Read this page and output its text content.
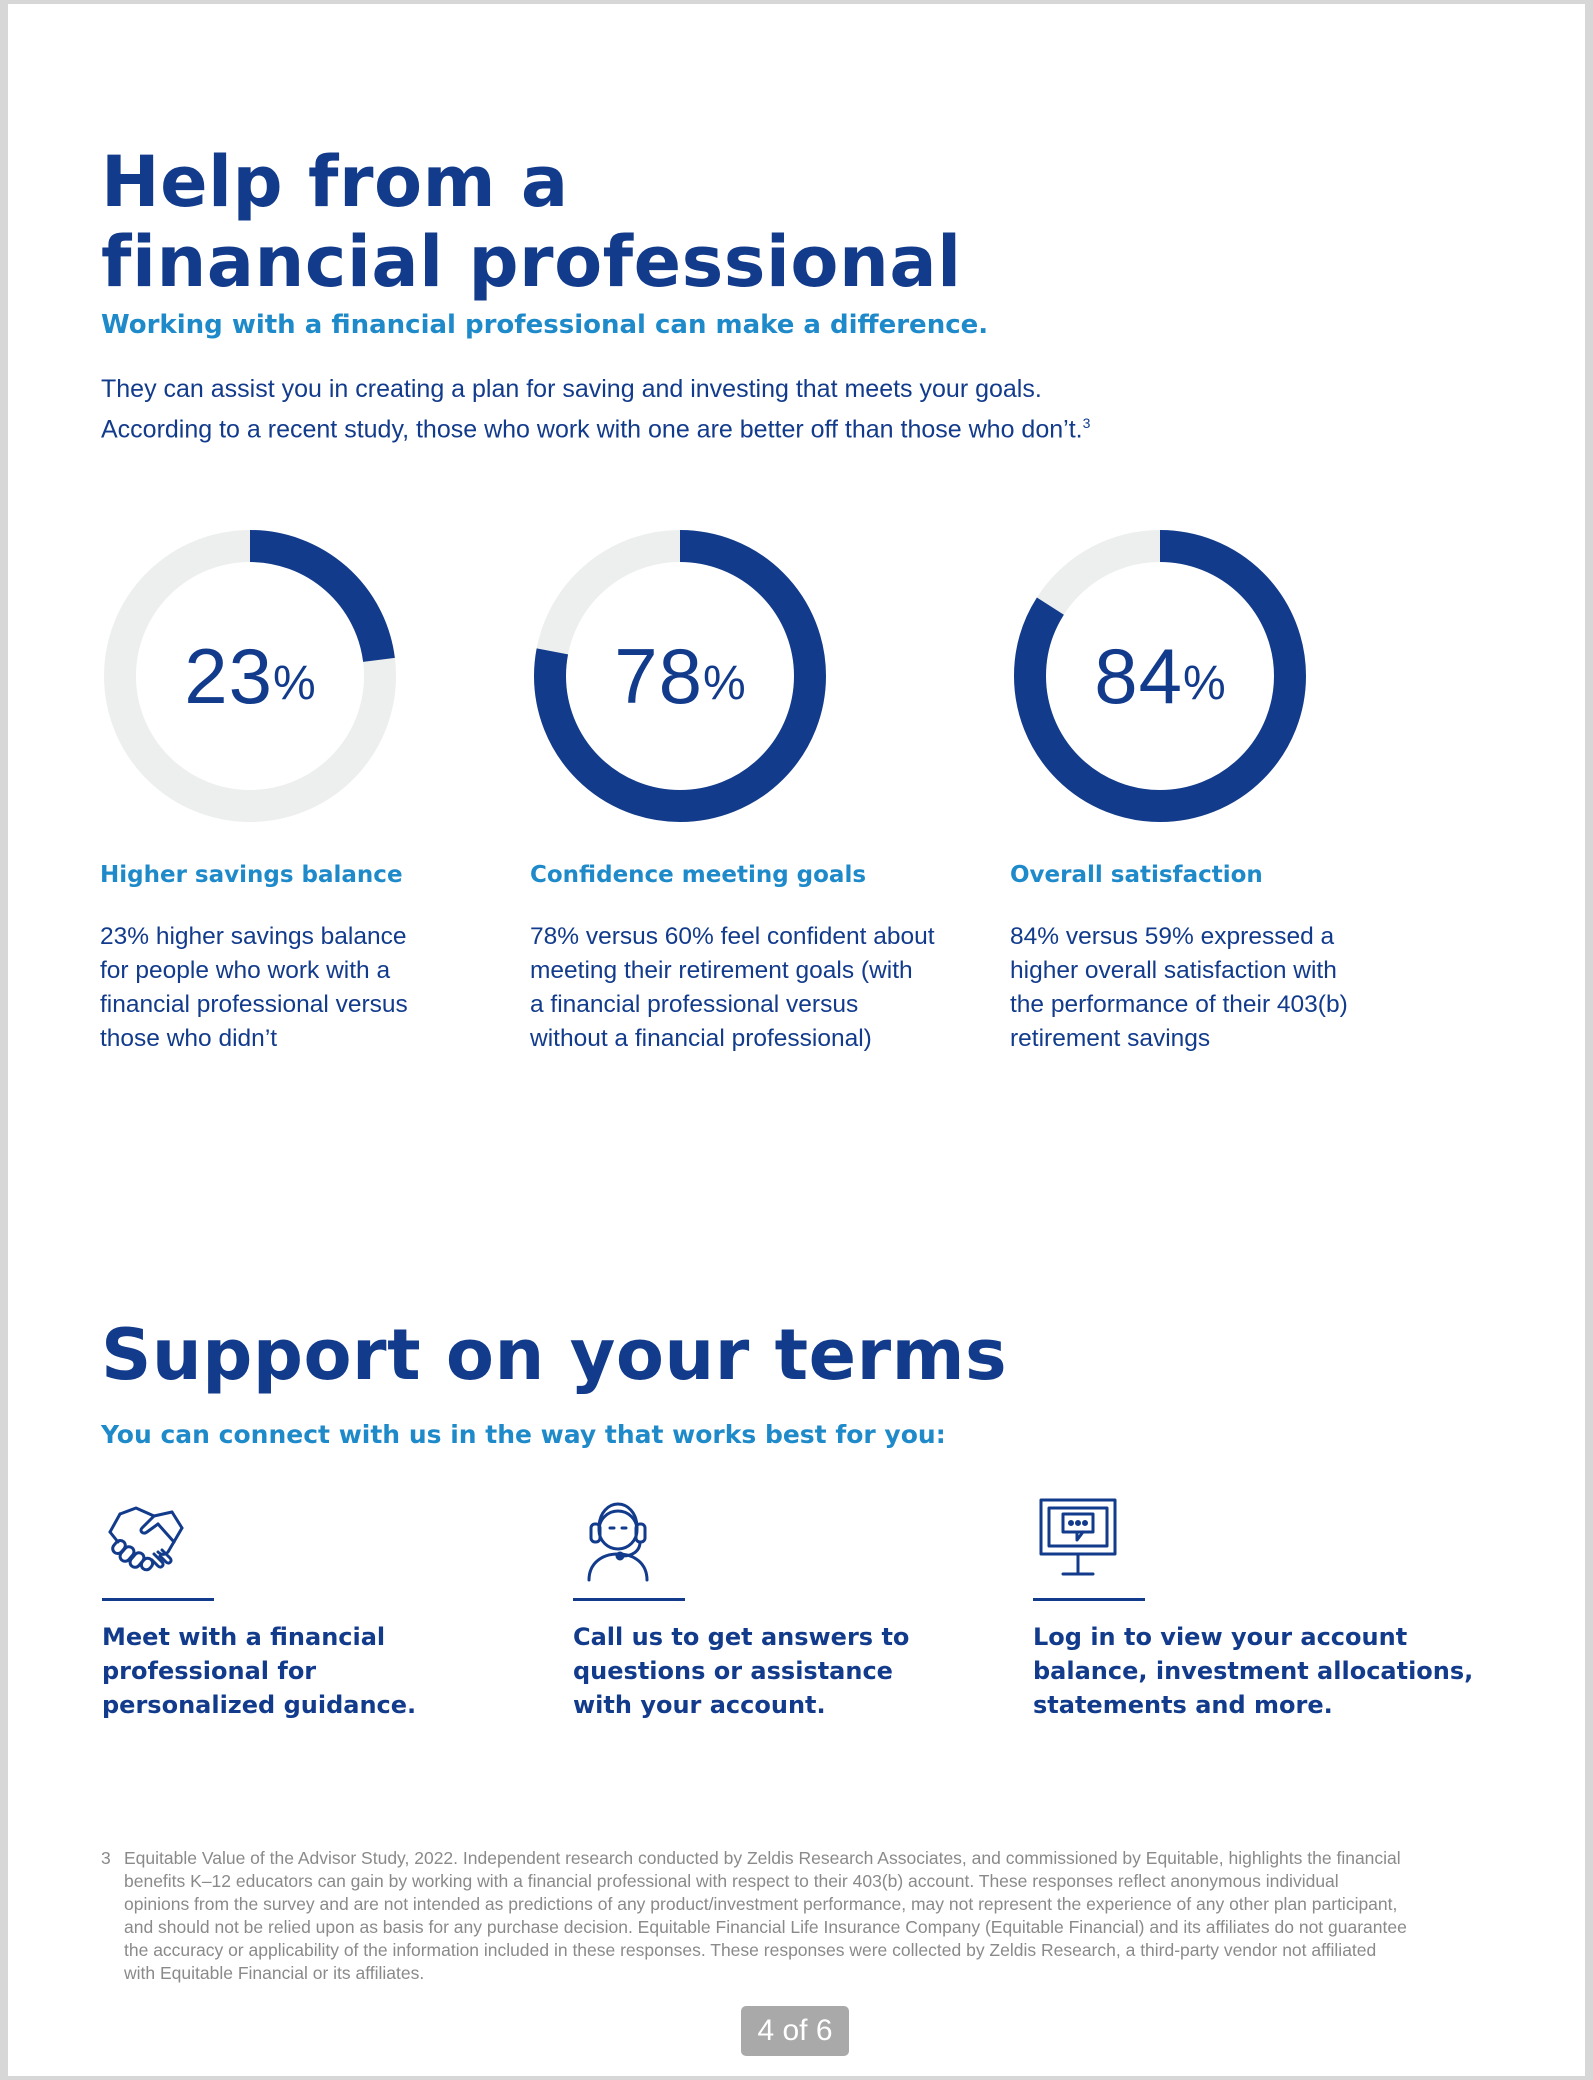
Help from a
financial professional

Working with a financial professional can make a difference.

They can assist you in creating a plan for saving and investing that meets your goals.
According to a recent study, those who work with one are better off than those who don’t.$^3$
23 %

Higher savings balance

23% higher savings balance
for people who work with a
financial professional versus
those who didn’t
78 %

Confidence meeting goals

78% versus 60% feel confident about
meeting their retirement goals (with
a financial professional versus
without a financial professional)
84 %

Overall satisfaction

84% versus 59% expressed a
higher overall satisfaction with
the performance of their 403(b)
retirement savings
Support on your terms

You can connect with us in the way that works best for you:

Meet with a financial
professional for
personalized guidance.
Call us to get answers to
questions or assistance
with your account.
Log in to view your account
balance, investment allocations,
statements and more.
3 Equitable Value of the Advisor Study, 2022. Independent research conducted by Zeldis Research Associates, and commissioned by Equitable, highlights the financial
benefits K–12 educators can gain by working with a financial professional with respect to their 403(b) account. These responses reflect anonymous individual
opinions from the survey and are not intended as predictions of any product/investment performance, may not represent the experience of any other plan participant,
and should not be relied upon as basis for any purchase decision. Equitable Financial Life Insurance Company (Equitable Financial) and its affiliates do not guarantee
the accuracy or applicability of the information included in these responses. These responses were collected by Zeldis Research, a third-party vendor not affiliated
with Equitable Financial or its affiliates.
4 of 6
